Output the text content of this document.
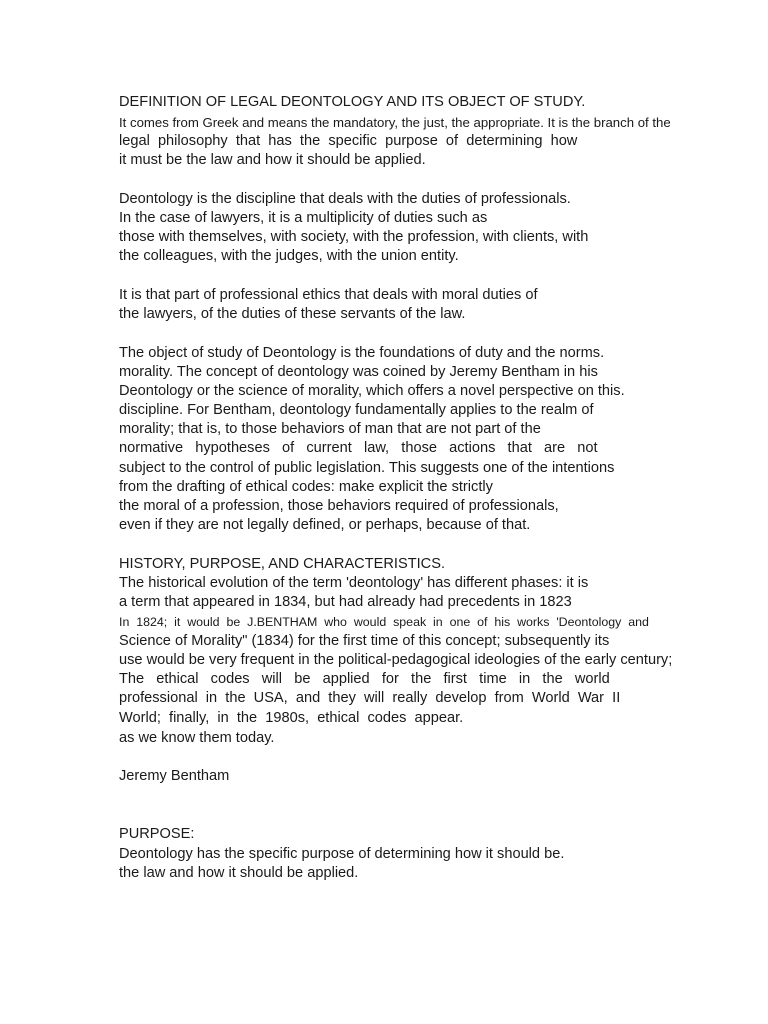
DEFINITION OF LEGAL DEONTOLOGY AND ITS OBJECT OF STUDY.
It comes from Greek and means the mandatory, the just, the appropriate. It is the branch of the
legal  philosophy  that  has  the  specific  purpose  of  determining  how
it must be the law and how it should be applied.
Deontology is the discipline that deals with the duties of professionals.
In the case of lawyers, it is a multiplicity of duties such as
those with themselves, with society, with the profession, with clients, with
the colleagues, with the judges, with the union entity.
It is that part of professional ethics that deals with moral duties of
the lawyers, of the duties of these servants of the law.
The object of study of Deontology is the foundations of duty and the norms.
morality. The concept of deontology was coined by Jeremy Bentham in his
Deontology or the science of morality, which offers a novel perspective on this.
discipline. For Bentham, deontology fundamentally applies to the realm of
morality; that is, to those behaviors of man that are not part of the
normative   hypotheses   of   current   law,   those   actions   that   are   not
subject to the control of public legislation. This suggests one of the intentions
from the drafting of ethical codes: make explicit the strictly
the moral of a profession, those behaviors required of professionals,
even if they are not legally defined, or perhaps, because of that.
HISTORY, PURPOSE, AND CHARACTERISTICS.
The historical evolution of the term 'deontology' has different phases: it is
a term that appeared in 1834, but had already had precedents in 1823
In  1824;  it  would  be  J.BENTHAM  who  would  speak  in  one  of  his  works  'Deontology  and
Science of Morality" (1834) for the first time of this concept; subsequently its
use would be very frequent in the political-pedagogical ideologies of the early century;
The   ethical   codes   will   be   applied   for   the   first   time   in   the   world
professional  in  the  USA,  and  they  will  really  develop  from  World  War  II
World;  finally,  in  the  1980s,  ethical  codes  appear.
as we know them today.
Jeremy Bentham
PURPOSE:
Deontology has the specific purpose of determining how it should be.
the law and how it should be applied.
